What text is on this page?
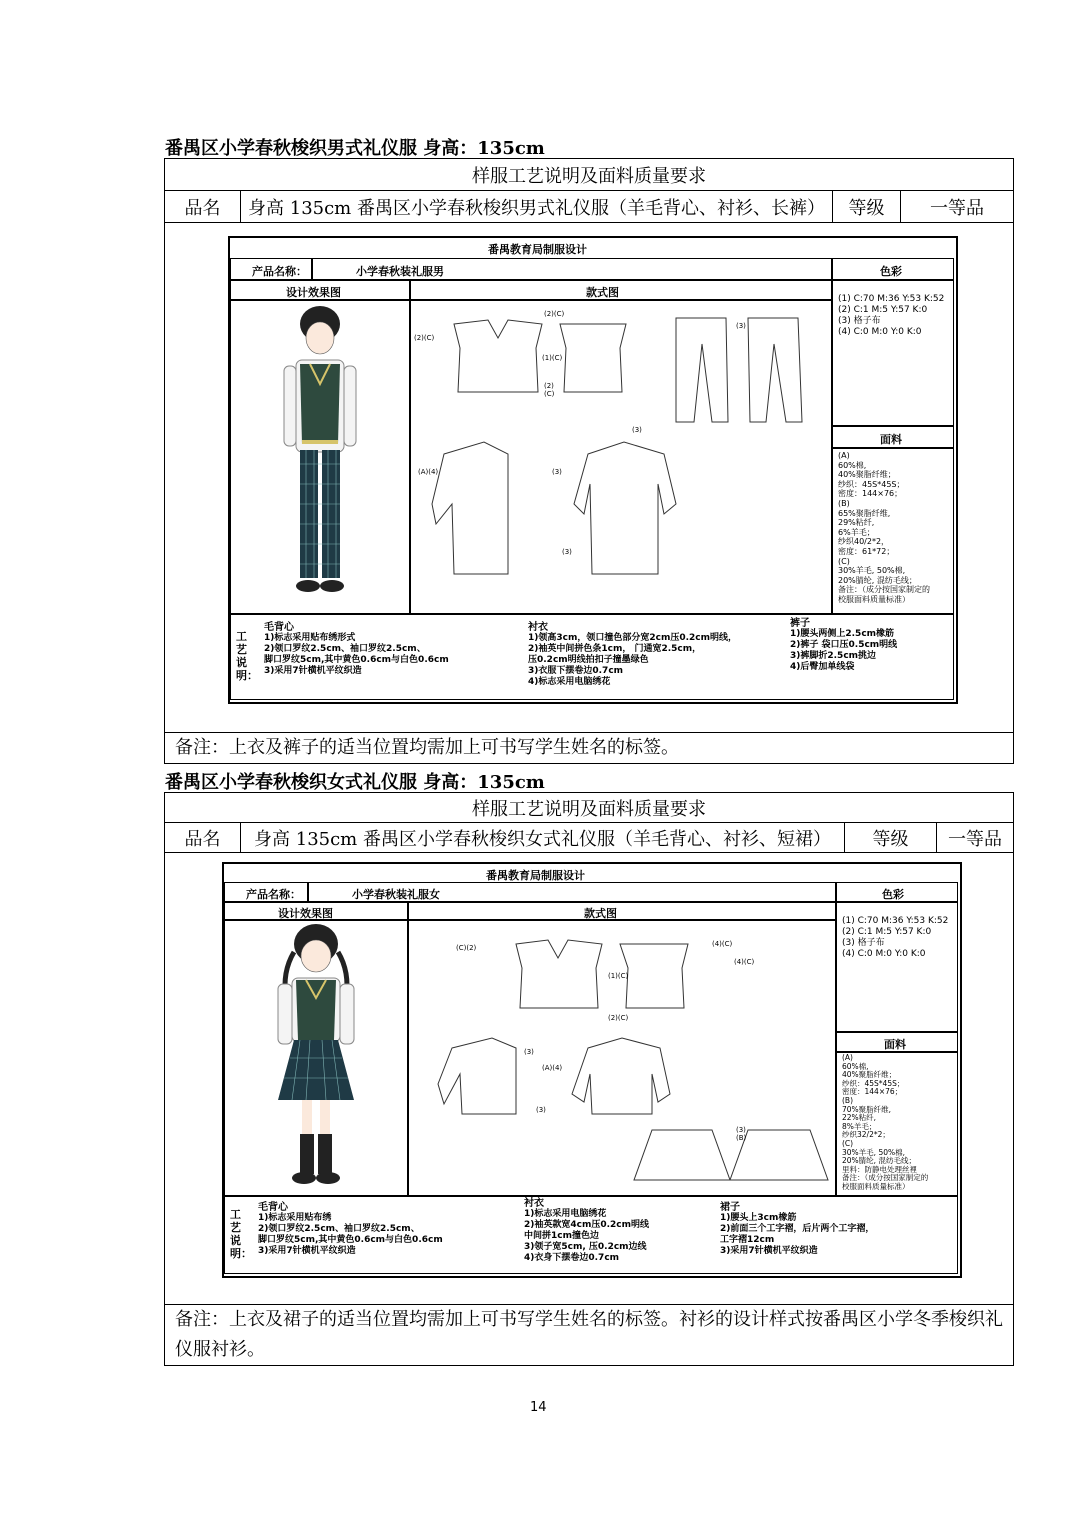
番禺区小学春秋梭织男式礼仪服 身高：135cm
样服工艺说明及面料质量要求
品名	身高 135cm 番禺区小学春秋梭织男式礼仪服（羊毛背心、衬衫、长裤）	等级	一等品

备注：上衣及裤子的适当位置均需加上可书写学生姓名的标签。
番禺教育局制服设计
产品名称：	小学春秋装礼服男	色彩
设计效果图	款式图
面料
(1) C:70 M:36 Y:53 K:52
(2) C:1 M:5 Y:57 K:0
(3) 格子布
(4) C:0 M:0 Y:0 K:0
(A)
60%棉,
40%聚脂纤维；
纱织：45S*45S；
密度：144×76；
(B)
65%聚脂纤维,
29%粘纤,
6%羊毛；
纱织40/2*2，
密度：61*72；
(C)
30%羊毛, 50%棉,
20%腈纶, 混纺毛线；
备注：（成分按国家制定的
校服面料质量标准）
(2)(C)
(2)(C)
(1)(C)
(2)
(C)
(3)
(3)
(A)(4)	(3)
(3)
工艺说明：
毛背心
1)标志采用贴布绣形式
2)领口罗纹2.5cm、袖口罗纹2.5cm、
脚口罗纹5cm,其中黄色0.6cm与白色0.6cm
3)采用7针横机平纹织造
衬衣
1)领高3cm，领口撞色部分宽2cm压0.2cm明线，
2)袖英中间拼色条1cm， 门通宽2.5cm，
压0.2cm明线拍扣子撞墨绿色
3)衣服下摆卷边0.7cm
4)标志采用电脑绣花
裤子
1)腰头两侧上2.5cm橡筋
2)裤子 袋口压0.5cm明线
3)裤脚折2.5cm挑边
4)后臀加单线袋
番禺区小学春秋梭织女式礼仪服 身高：135cm
样服工艺说明及面料质量要求
品名	身高 135cm 番禺区小学春秋梭织女式礼仪服（羊毛背心、衬衫、短裙）	等级	一等品

备注：上衣及裙子的适当位置均需加上可书写学生姓名的标签。衬衫的设计样式按番禺区小学冬季梭织礼仪服衬衫。
番禺教育局制服设计
产品名称：	小学春秋装礼服女	色彩
设计效果图	款式图
面料
(1) C:70 M:36 Y:53 K:52
(2) C:1 M:5 Y:57 K:0
(3) 格子布
(4) C:0 M:0 Y:0 K:0
(A)
60%棉,
40%聚脂纤维；
纱织：45S*45S；
密度：144×76；
(B)
70%聚脂纤维,
22%粘纤,
8%羊毛；
纱织32/2*2；
(C)
30%羊毛, 50%棉,
20%腈纶, 混纺毛线；
里料：防静电处理丝裡
备注：（成分按国家制定的
校服面料质量标准）
(C)(2)	(4)(C)
(4)(C)
(1)(C)
(2)(C)
(3)
(A)(4)
(3)
(3)
(B)
工艺说明：
毛背心
1)标志采用贴布绣
2)领口罗纹2.5cm、袖口罗纹2.5cm、
脚口罗纹5cm,其中黄色0.6cm与白色0.6cm
3)采用7针横机平纹织造
衬衣
1)标志采用电脑绣花
2)袖英款宽4cm压0.2cm明线
中间拼1cm撞色边
3)领子宽5cm, 压0.2cm边线
4)衣身下摆卷边0.7cm
裙子
1)腰头上3cm橡筋
2)前面三个工字褶，后片两个工字褶，
工字褶12cm
3)采用7针横机平纹织造
14
